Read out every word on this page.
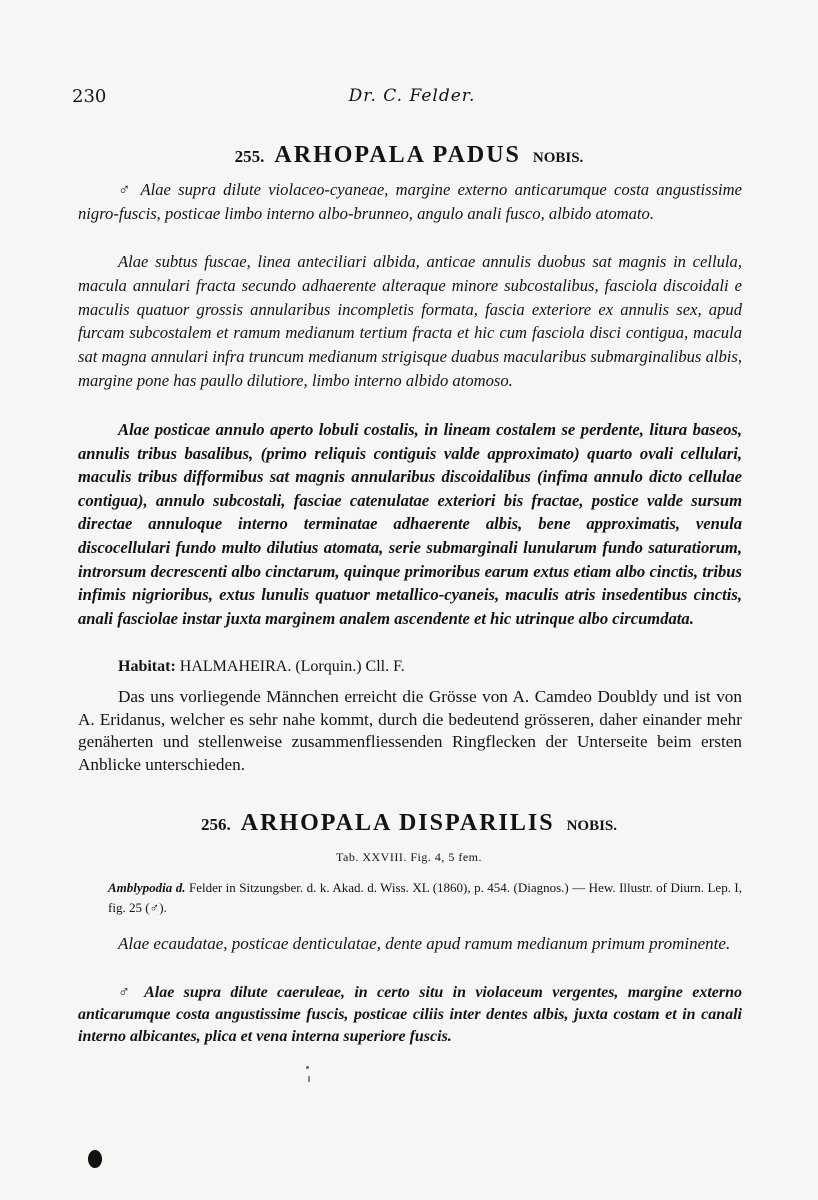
230	Dr. C. Felder.
255. ARHOPALA PADUS NOBIS.

♂ Alae supra dilute violaceo-cyaneae, margine externo anticarumque costa angustissime nigro-fuscis, posticae limbo interno albo-brunneo, angulo anali fusco, albido atomato.

Alae subtus fuscae, linea anteciliari albida, anticae annulis duobus sat magnis in cellula, macula annulari fracta secundo adhaerente alteraque minore subcostalibus, fasciola discoidali e maculis quatuor grossis annularibus incompletis formata, fascia exteriore ex annulis sex, apud furcam subcostalem et ramum medianum tertium fracta et hic cum fasciola disci contigua, macula sat magna annulari infra truncum medianum strigisque duabus macularibus submarginalibus albis, margine pone has paullo dilutiore, limbo interno albido atomoso.

Alae posticae annulo aperto lobuli costalis, in lineam costalem se perdente, litura baseos, annulis tribus basalibus, (primo reliquis contiguis valde approximato) quarto ovali cellulari, maculis tribus difformibus sat magnis annularibus discoidalibus (infima annulo dicto cellulae contigua), annulo subcostali, fasciae catenulatae exteriori bis fractae, postice valde sursum directae annuloque interno terminatae adhaerente albis, bene approximatis, venula discocellulari fundo multo dilutius atomata, serie submarginali lunularum fundo saturatiorum, introrsum decrescenti albo cinctarum, quinque primoribus earum extus etiam albo cinctis, tribus infimis nigrioribus, extus lunulis quatuor metallico-cyaneis, maculis atris insedentibus cinctis, anali fasciolae instar juxta marginem analem ascendente et hic utrinque albo circumdata.

Habitat: HALMAHEIRA. (Lorquin.) Cll. F.

Das uns vorliegende Männchen erreicht die Grösse von A. Camdeo Doubldy und ist von A. Eridanus, welcher es sehr nahe kommt, durch die bedeutend grösseren, daher einander mehr genäherten und stellenweise zusammenfliessenden Ringflecken der Unterseite beim ersten Anblicke unterschieden.

256. ARHOPALA DISPARILIS NOBIS.
Tab. XXVIII. Fig. 4, 5 fem.
Amblypodia d. Felder in Sitzungsber. d. k. Akad. d. Wiss. XL (1860), p. 454. (Diagnos.) — Hew. Illustr. of Diurn. Lep. I, fig. 25 (♂).

Alae ecaudatae, posticae denticulatae, dente apud ramum medianum primum prominente.

♂ Alae supra dilute caeruleae, in certo situ in violaceum vergentes, margine externo anticarumque costa angustissime fuscis, posticae ciliis inter dentes albis, juxta costam et in canali interno albicantes, plica et vena interna superiore fuscis.
